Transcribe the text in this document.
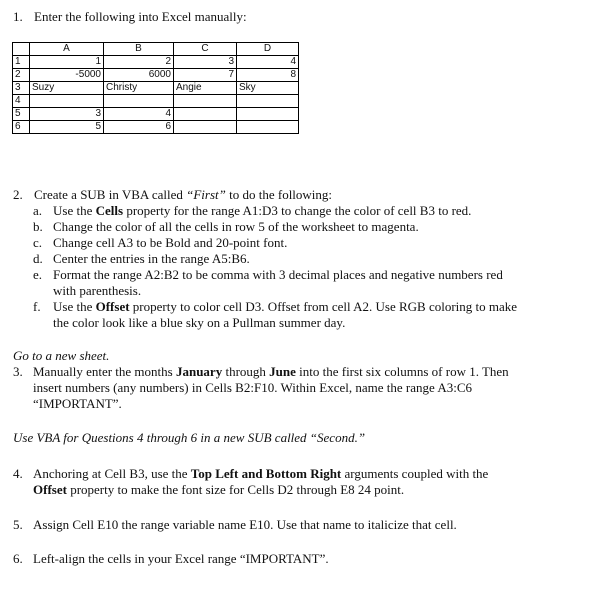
1. Enter the following into Excel manually:
	A	B	C	D
1	1	2	3	4
2	-5000	6000	7	8
3	Suzy	Christy	Angie	Sky
4				
5	3	4		
6	5	6		
2. Create a SUB in VBA called “First” to do the following:
a. Use the Cells property for the range A1:D3 to change the color of cell B3 to red.
b. Change the color of all the cells in row 5 of the worksheet to magenta.
c. Change cell A3 to be Bold and 20-point font.
d. Center the entries in the range A5:B6.
e. Format the range A2:B2 to be comma with 3 decimal places and negative numbers red
with parenthesis.
f. Use the Offset property to color cell D3. Offset from cell A2. Use RGB coloring to make
the color look like a blue sky on a Pullman summer day.
Go to a new sheet.
3. Manually enter the months January through June into the first six columns of row 1. Then
insert numbers (any numbers) in Cells B2:F10. Within Excel, name the range A3:C6
“IMPORTANT”.
Use VBA for Questions 4 through 6 in a new SUB called “Second.”
4. Anchoring at Cell B3, use the Top Left and Bottom Right arguments coupled with the
Offset property to make the font size for Cells D2 through E8 24 point.
5. Assign Cell E10 the range variable name E10. Use that name to italicize that cell.
6. Left-align the cells in your Excel range “IMPORTANT”.
